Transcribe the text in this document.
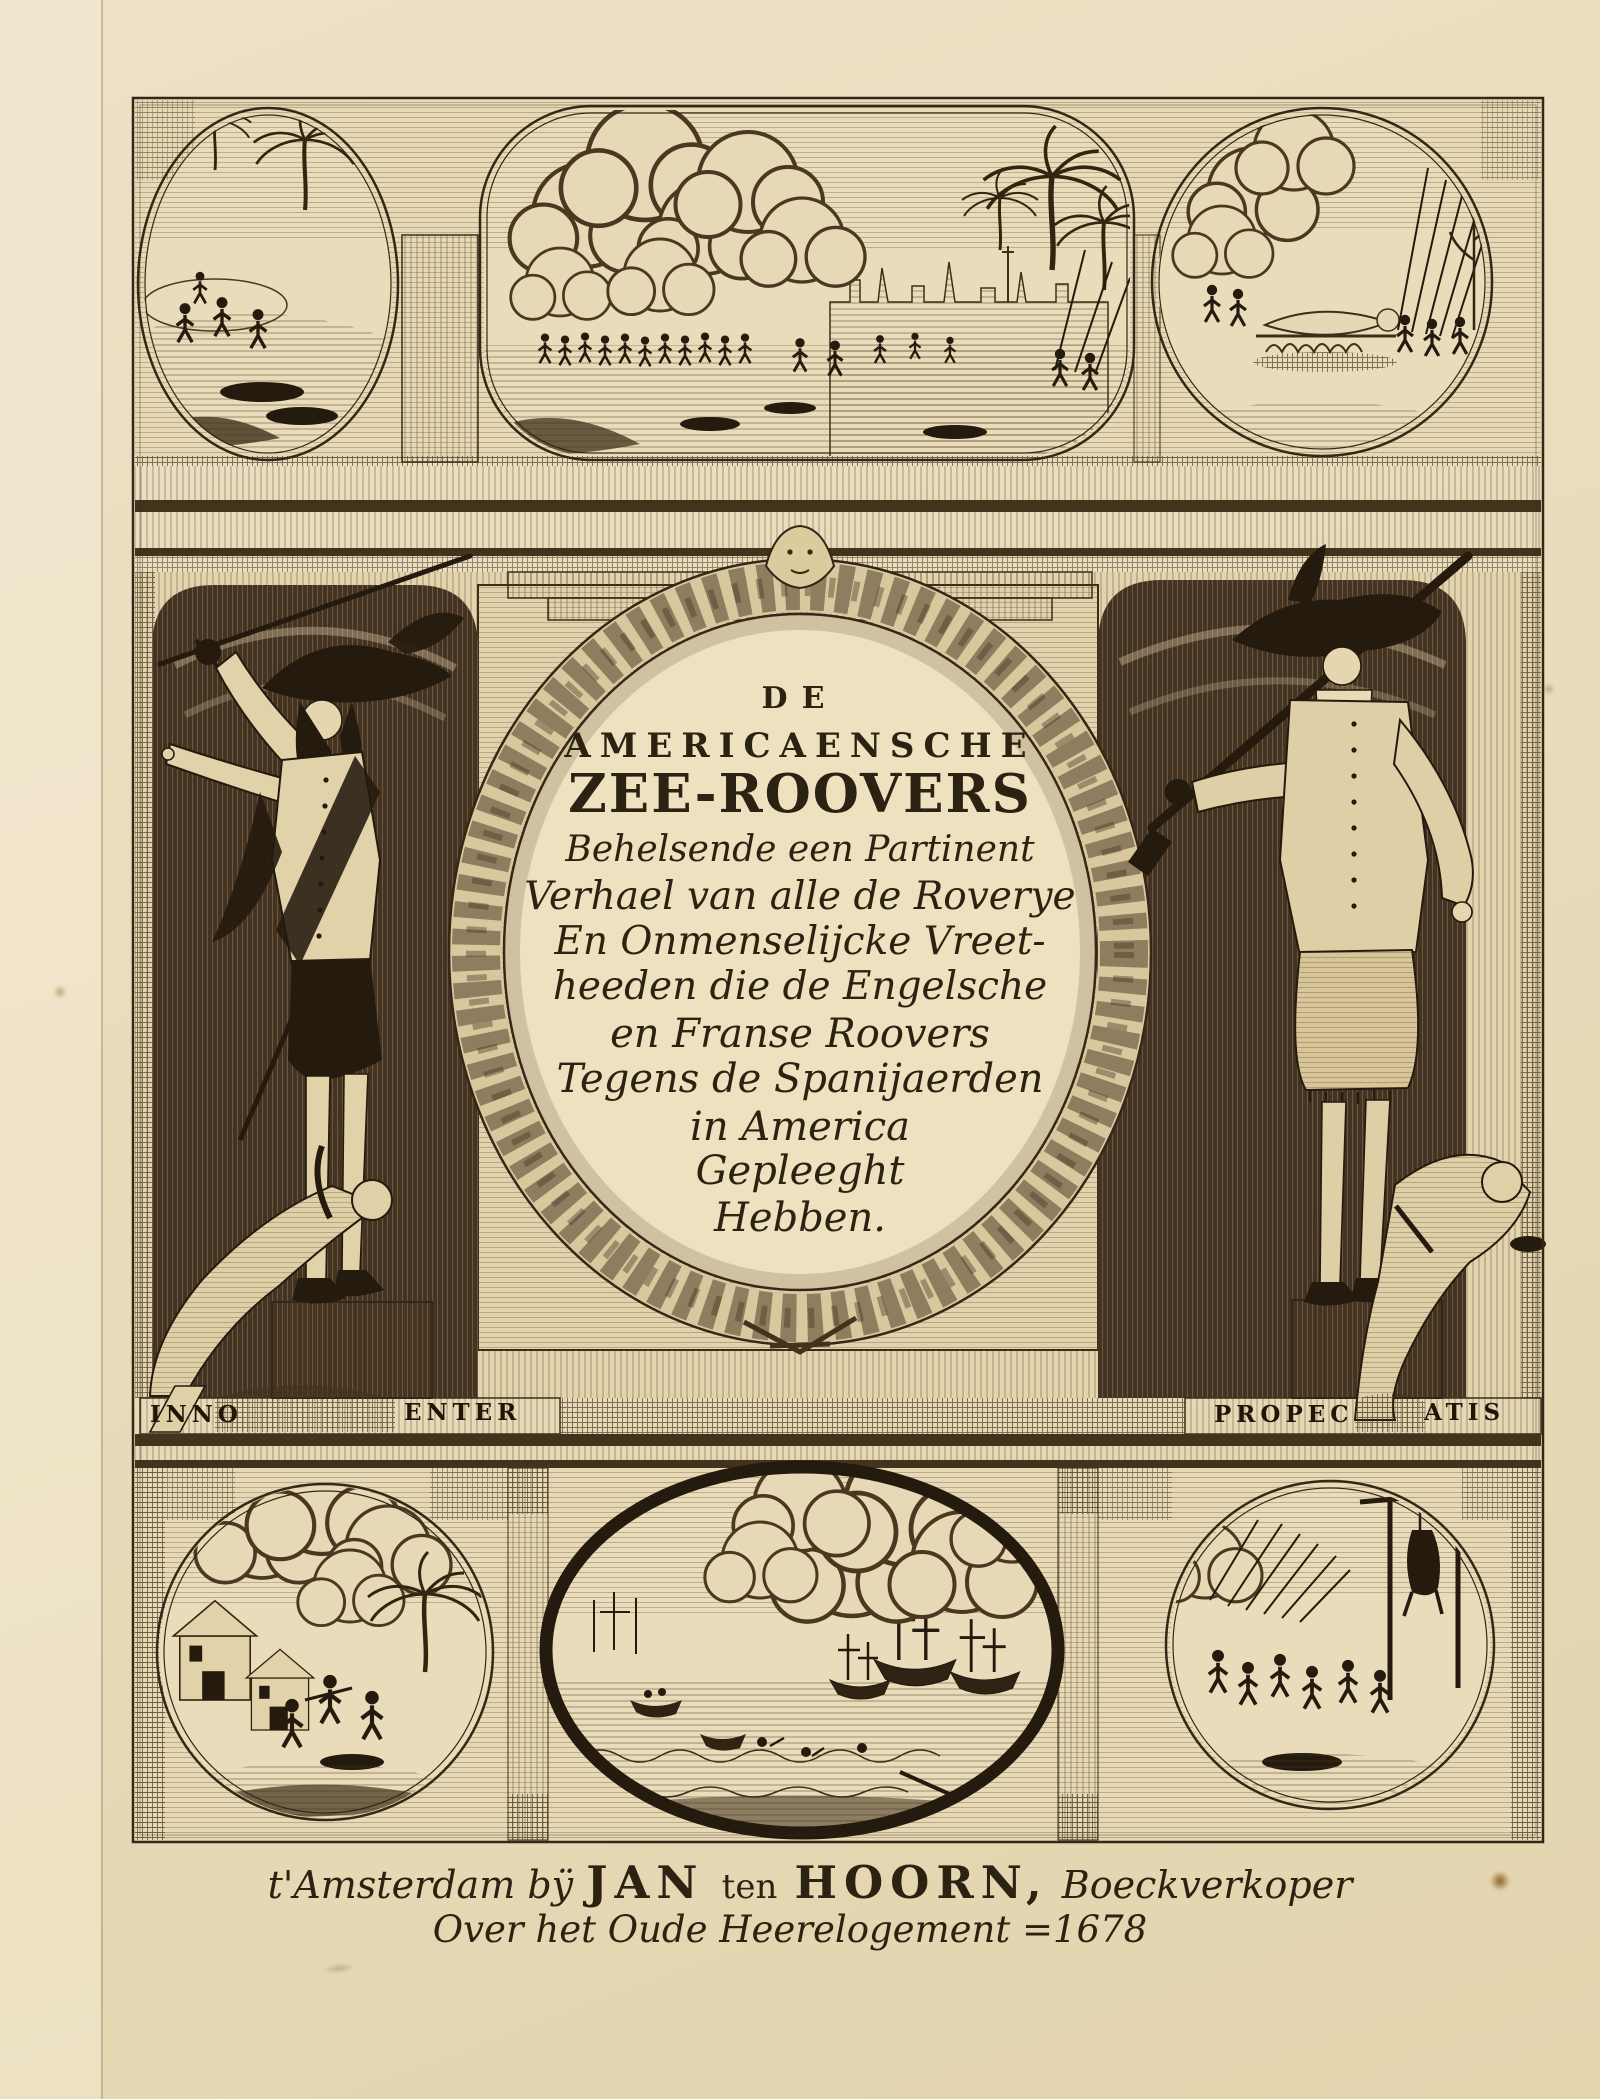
DE
AMERICAENSCHE
ZEE-ROOVERS
Behelsende een Partinent
Verhael van alle de Roverye
En Onmenselijcke Vreet-
heeden die de Engelsche
en Franse Roovers
Tegens de Spanijaerden
in America
Gepleeght
Hebben.
INNO	ENTER	PROPEC	ATIS
t'Amsterdam bÿ JAN ten HOORN, Boeckverkoper
Over het Oude Heerelogement =1678
